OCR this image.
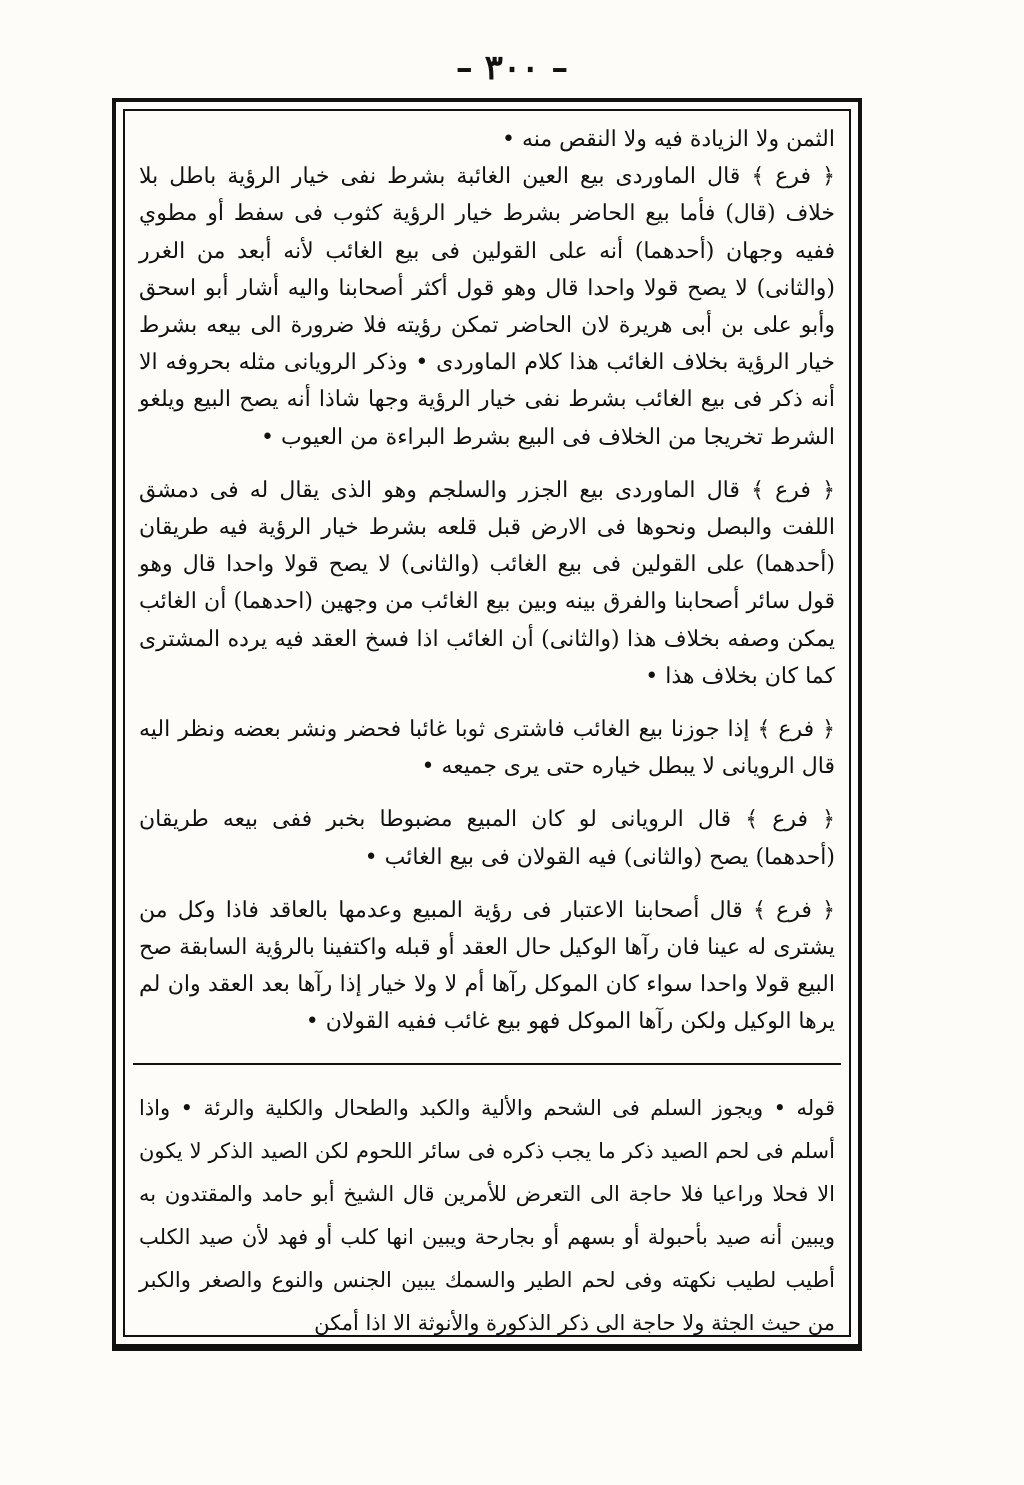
– ٣٠٠ –

الثمن ولا الزيادة فيه ولا النقص منه •

﴿ فرع ﴾ قال الماوردى بيع العين الغائبة بشرط نفى خيار الرؤية باطل بلا خلاف (قال) فأما بيع الحاضر بشرط خيار الرؤية كثوب فى سفط أو مطوي ففيه وجهان (أحدهما) أنه على القولين فى بيع الغائب لأنه أبعد من الغرر (والثانى) لا يصح قولا واحدا قال وهو قول أكثر أصحابنا واليه أشار أبو اسحق وأبو على بن أبى هريرة لان الحاضر تمكن رؤيته فلا ضرورة الى بيعه بشرط خيار الرؤية بخلاف الغائب هذا كلام الماوردى • وذكر الرويانى مثله بحروفه الا أنه ذكر فى بيع الغائب بشرط نفى خيار الرؤية وجها شاذا أنه يصح البيع ويلغو الشرط تخريجا من الخلاف فى البيع بشرط البراءة من العيوب •

﴿ فرع ﴾ قال الماوردى بيع الجزر والسلجم وهو الذى يقال له فى دمشق اللفت والبصل ونحوها فى الارض قبل قلعه بشرط خيار الرؤية فيه طريقان (أحدهما) على القولين فى بيع الغائب (والثانى) لا يصح قولا واحدا قال وهو قول سائر أصحابنا والفرق بينه وبين بيع الغائب من وجهين (احدهما) أن الغائب يمكن وصفه بخلاف هذا (والثانى) أن الغائب اذا فسخ العقد فيه يرده المشترى كما كان بخلاف هذا •

﴿ فرع ﴾ إذا جوزنا بيع الغائب فاشترى ثوبا غائبا فحضر ونشر بعضه ونظر اليه قال الرويانى لا يبطل خياره حتى يرى جميعه •

﴿ فرع ﴾ قال الرويانى لو كان المبيع مضبوطا بخبر ففى بيعه طريقان (أحدهما) يصح (والثانى) فيه القولان فى بيع الغائب •

﴿ فرع ﴾ قال أصحابنا الاعتبار فى رؤية المبيع وعدمها بالعاقد فاذا وكل من يشترى له عينا فان رآها الوكيل حال العقد أو قبله واكتفينا بالرؤية السابقة صح البيع قولا واحدا سواء كان الموكل رآها أم لا ولا خيار إذا رآها بعد العقد وان لم يرها الوكيل ولكن رآها الموكل فهو بيع غائب ففيه القولان •

قوله • ويجوز السلم فى الشحم والألية والكبد والطحال والكلية والرئة • واذا أسلم فى لحم الصيد ذكر ما يجب ذكره فى سائر اللحوم لكن الصيد الذكر لا يكون الا فحلا وراعيا فلا حاجة الى التعرض للأمرين قال الشيخ أبو حامد والمقتدون به ويبين أنه صيد بأحبولة أو بسهم أو بجارحة ويبين انها كلب أو فهد لأن صيد الكلب أطيب لطيب نكهته وفى لحم الطير والسمك يبين الجنس والنوع والصغر والكبر من حيث الجثة ولا حاجة الى ذكر الذكورة والأنوثة الا اذا أمكن
